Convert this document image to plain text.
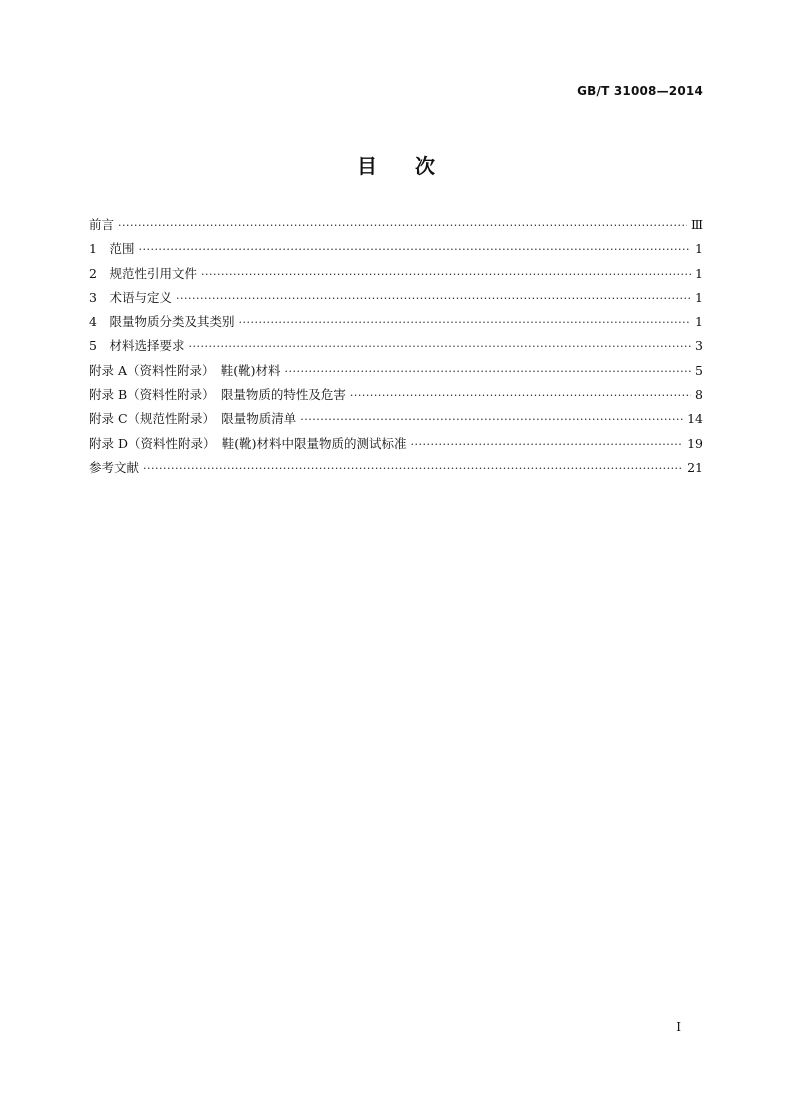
GB/T 31008—2014
目次
前言 ·····	Ⅲ
1　范围 ·····	1
2　规范性引用文件 ·····	1
3　术语与定义 ·····	1
4　限量物质分类及其类别 ·····	1
5　材料选择要求 ·····	3
附录 A（资料性附录）　鞋(靴)材料 ·····	5
附录 B（资料性附录）　限量物质的特性及危害 ·····	8
附录 C（规范性附录）　限量物质清单 ·····	14
附录 D（资料性附录）　鞋(靴)材料中限量物质的测试标准 ·····	19
参考文献 ·····	21
Ⅰ
